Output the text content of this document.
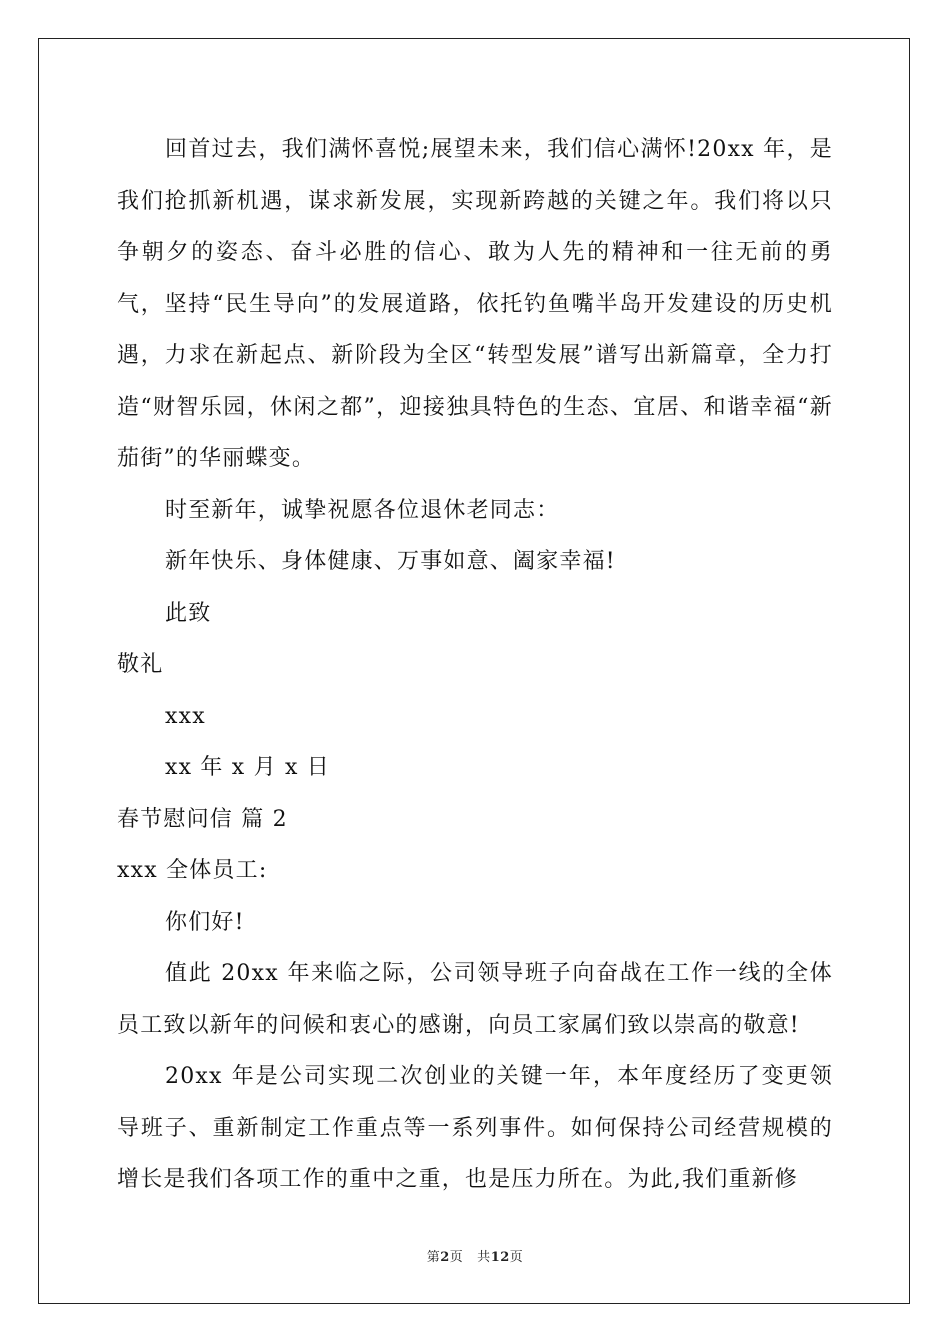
回首过去，我们满怀喜悦;展望未来，我们信心满怀!20xx 年，是我们抢抓新机遇，谋求新发展，实现新跨越的关键之年。我们将以只争朝夕的姿态、奋斗必胜的信心、敢为人先的精神和一往无前的勇气，坚持“民生导向”的发展道路，依托钓鱼嘴半岛开发建设的历史机遇，力求在新起点、新阶段为全区“转型发展”谱写出新篇章，全力打造“财智乐园，休闲之都”，迎接独具特色的生态、宜居、和谐幸福“新茄街”的华丽蝶变。

时至新年，诚挚祝愿各位退休老同志：

新年快乐、身体健康、万事如意、阖家幸福!

此致

敬礼

xxx

xx 年 x 月 x 日

春节慰问信 篇 2

xxx 全体员工:

你们好!

值此 20xx 年来临之际，公司领导班子向奋战在工作一线的全体员工致以新年的问候和衷心的感谢，向员工家属们致以崇高的敬意!

20xx 年是公司实现二次创业的关键一年，本年度经历了变更领导班子、重新制定工作重点等一系列事件。如何保持公司经营规模的增长是我们各项工作的重中之重，也是压力所在。为此,我们重新修

第2页 共12页
